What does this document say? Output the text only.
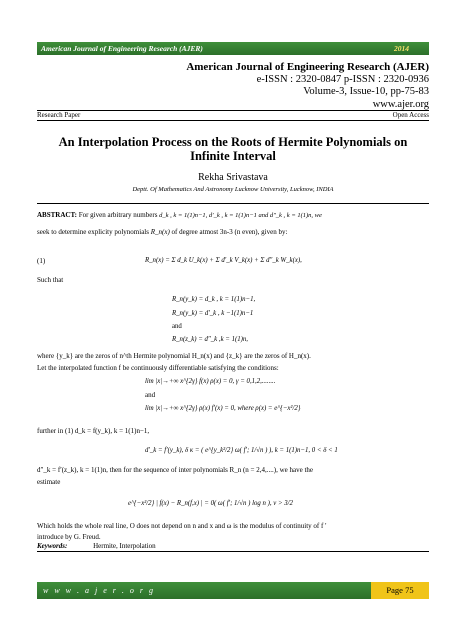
American Journal of Engineering Research (AJER)	2014
American Journal of Engineering Research (AJER)
e-ISSN : 2320-0847 p-ISSN : 2320-0936
Volume-3, Issue-10, pp-75-83
www.ajer.org
Research Paper	Open Access
An Interpolation Process on the Roots of Hermite Polynomials on
Infinite Interval
Rekha Srivastava
Deptt. Of Mathematics And Astronomy Lucknow University, Lucknow, INDIA
ABSTRACT: For given arbitrary numbers d_k , k = 1(1)n−1, d′_k , k = 1(1)n−1 and d″_k , k = 1(1)n, we
seek to determine explicity polynomials R_n(x) of degree atmost 3n-3 (n even), given by:
(1)	R_n(x) = Σ d_k U_k(x) + Σ d′_k V_k(x) + Σ d″_k W_k(x),
Such that
R_n(y_k) = d_k , k = 1(1)n−1,
R_n(y_k) = d′_k , k −1(1)n−1
and
R_n(z_k) = d″_k ,k = 1(1)n,
where {y_k} are the zeros of n^th Hermite polynomial H_n(x) and {z_k} are the zeros of H_n(x).
Let the interpolated function f be continuously differentiable satisfying the conditions:
lim |x|→+∞ x^{2γ} f(x) ρ(x) = 0, γ = 0,1,2,........
and
lim |x|→+∞ x^{2γ} ρ(x) f′(x) = 0, where ρ(x) = e^{−x²/2}
further in (1) d_k = f(y_k), k = 1(1)n−1,
d′_k = f′(y_k), δ κ = ( e^{y_k²/2} ω( f′; 1/√n ) ), k = 1(1)n−1, 0 < δ < 1
d″_k = f′(z_k), k = 1(1)n, then for the sequence of inter polynomials R_n (n = 2,4,....), we have the
estimate
e^{−x²/2} | f(x) − R_n(f,x) | = 0( ω( f′; 1/√n ) log n ), ν > 3/2
Which holds the whole real line, O does not depend on n and x and ω is the modulus of continuity of f ′
introduce by G. Freud.
Keywords:	Hermite, Interpolation
w w w . a j e r . o r g	Page 75
